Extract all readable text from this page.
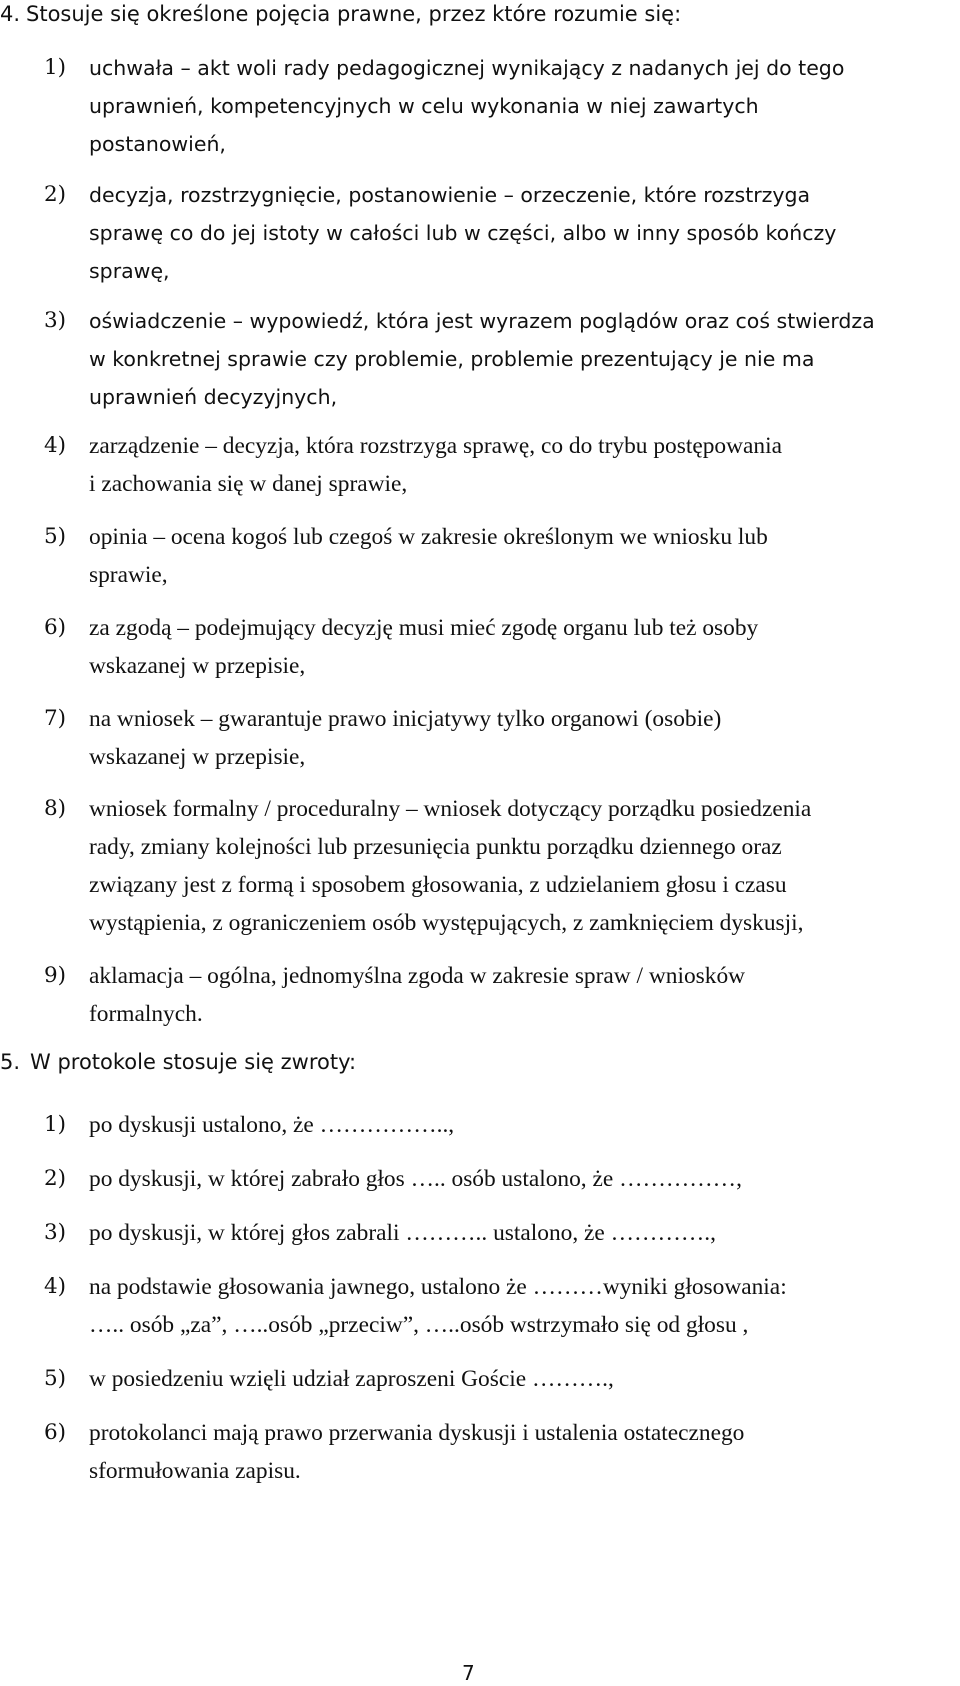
4. Stosuje się określone pojęcia prawne, przez które rozumie się:
1) uchwała – akt woli rady pedagogicznej wynikający z nadanych jej do tego
uprawnień, kompetencyjnych w celu wykonania w niej zawartych
postanowień,
2) decyzja, rozstrzygnięcie, postanowienie – orzeczenie, które rozstrzyga
sprawę co do jej istoty w całości lub w części, albo w inny sposób kończy
sprawę,
3) oświadczenie – wypowiedź, która jest wyrazem poglądów oraz coś stwierdza
w konkretnej sprawie czy problemie, problemie prezentujący je nie ma
uprawnień decyzyjnych,
4) zarządzenie – decyzja, która rozstrzyga sprawę, co do trybu postępowania
i zachowania się w danej sprawie,
5) opinia – ocena kogoś lub czegoś w zakresie określonym we wniosku lub
sprawie,
6) za zgodą – podejmujący decyzję musi mieć zgodę organu lub też osoby
wskazanej w przepisie,
7) na wniosek – gwarantuje prawo inicjatywy tylko organowi (osobie)
wskazanej w przepisie,
8) wniosek formalny / proceduralny – wniosek dotyczący porządku posiedzenia
rady, zmiany kolejności lub przesunięcia punktu porządku dziennego oraz
związany jest z formą i sposobem głosowania, z udzielaniem głosu i czasu
wystąpienia, z ograniczeniem osób występujących, z zamknięciem dyskusji,
9) aklamacja – ogólna, jednomyślna zgoda w zakresie spraw / wniosków
formalnych.
5. W protokole stosuje się zwroty:
1) po dyskusji ustalono, że ……………..,
2) po dyskusji, w której zabrało głos ….. osób ustalono, że ……………,
3) po dyskusji, w której głos zabrali ……….. ustalono, że ………….,
4) na podstawie głosowania jawnego, ustalono że ………wyniki głosowania:
….. osób „za”, …..osób „przeciw”, …..osób wstrzymało się od głosu ,
5) w posiedzeniu wzięli udział zaproszeni Goście ……….,
6) protokolanci mają prawo przerwania dyskusji i ustalenia ostatecznego
sformułowania zapisu.
7
